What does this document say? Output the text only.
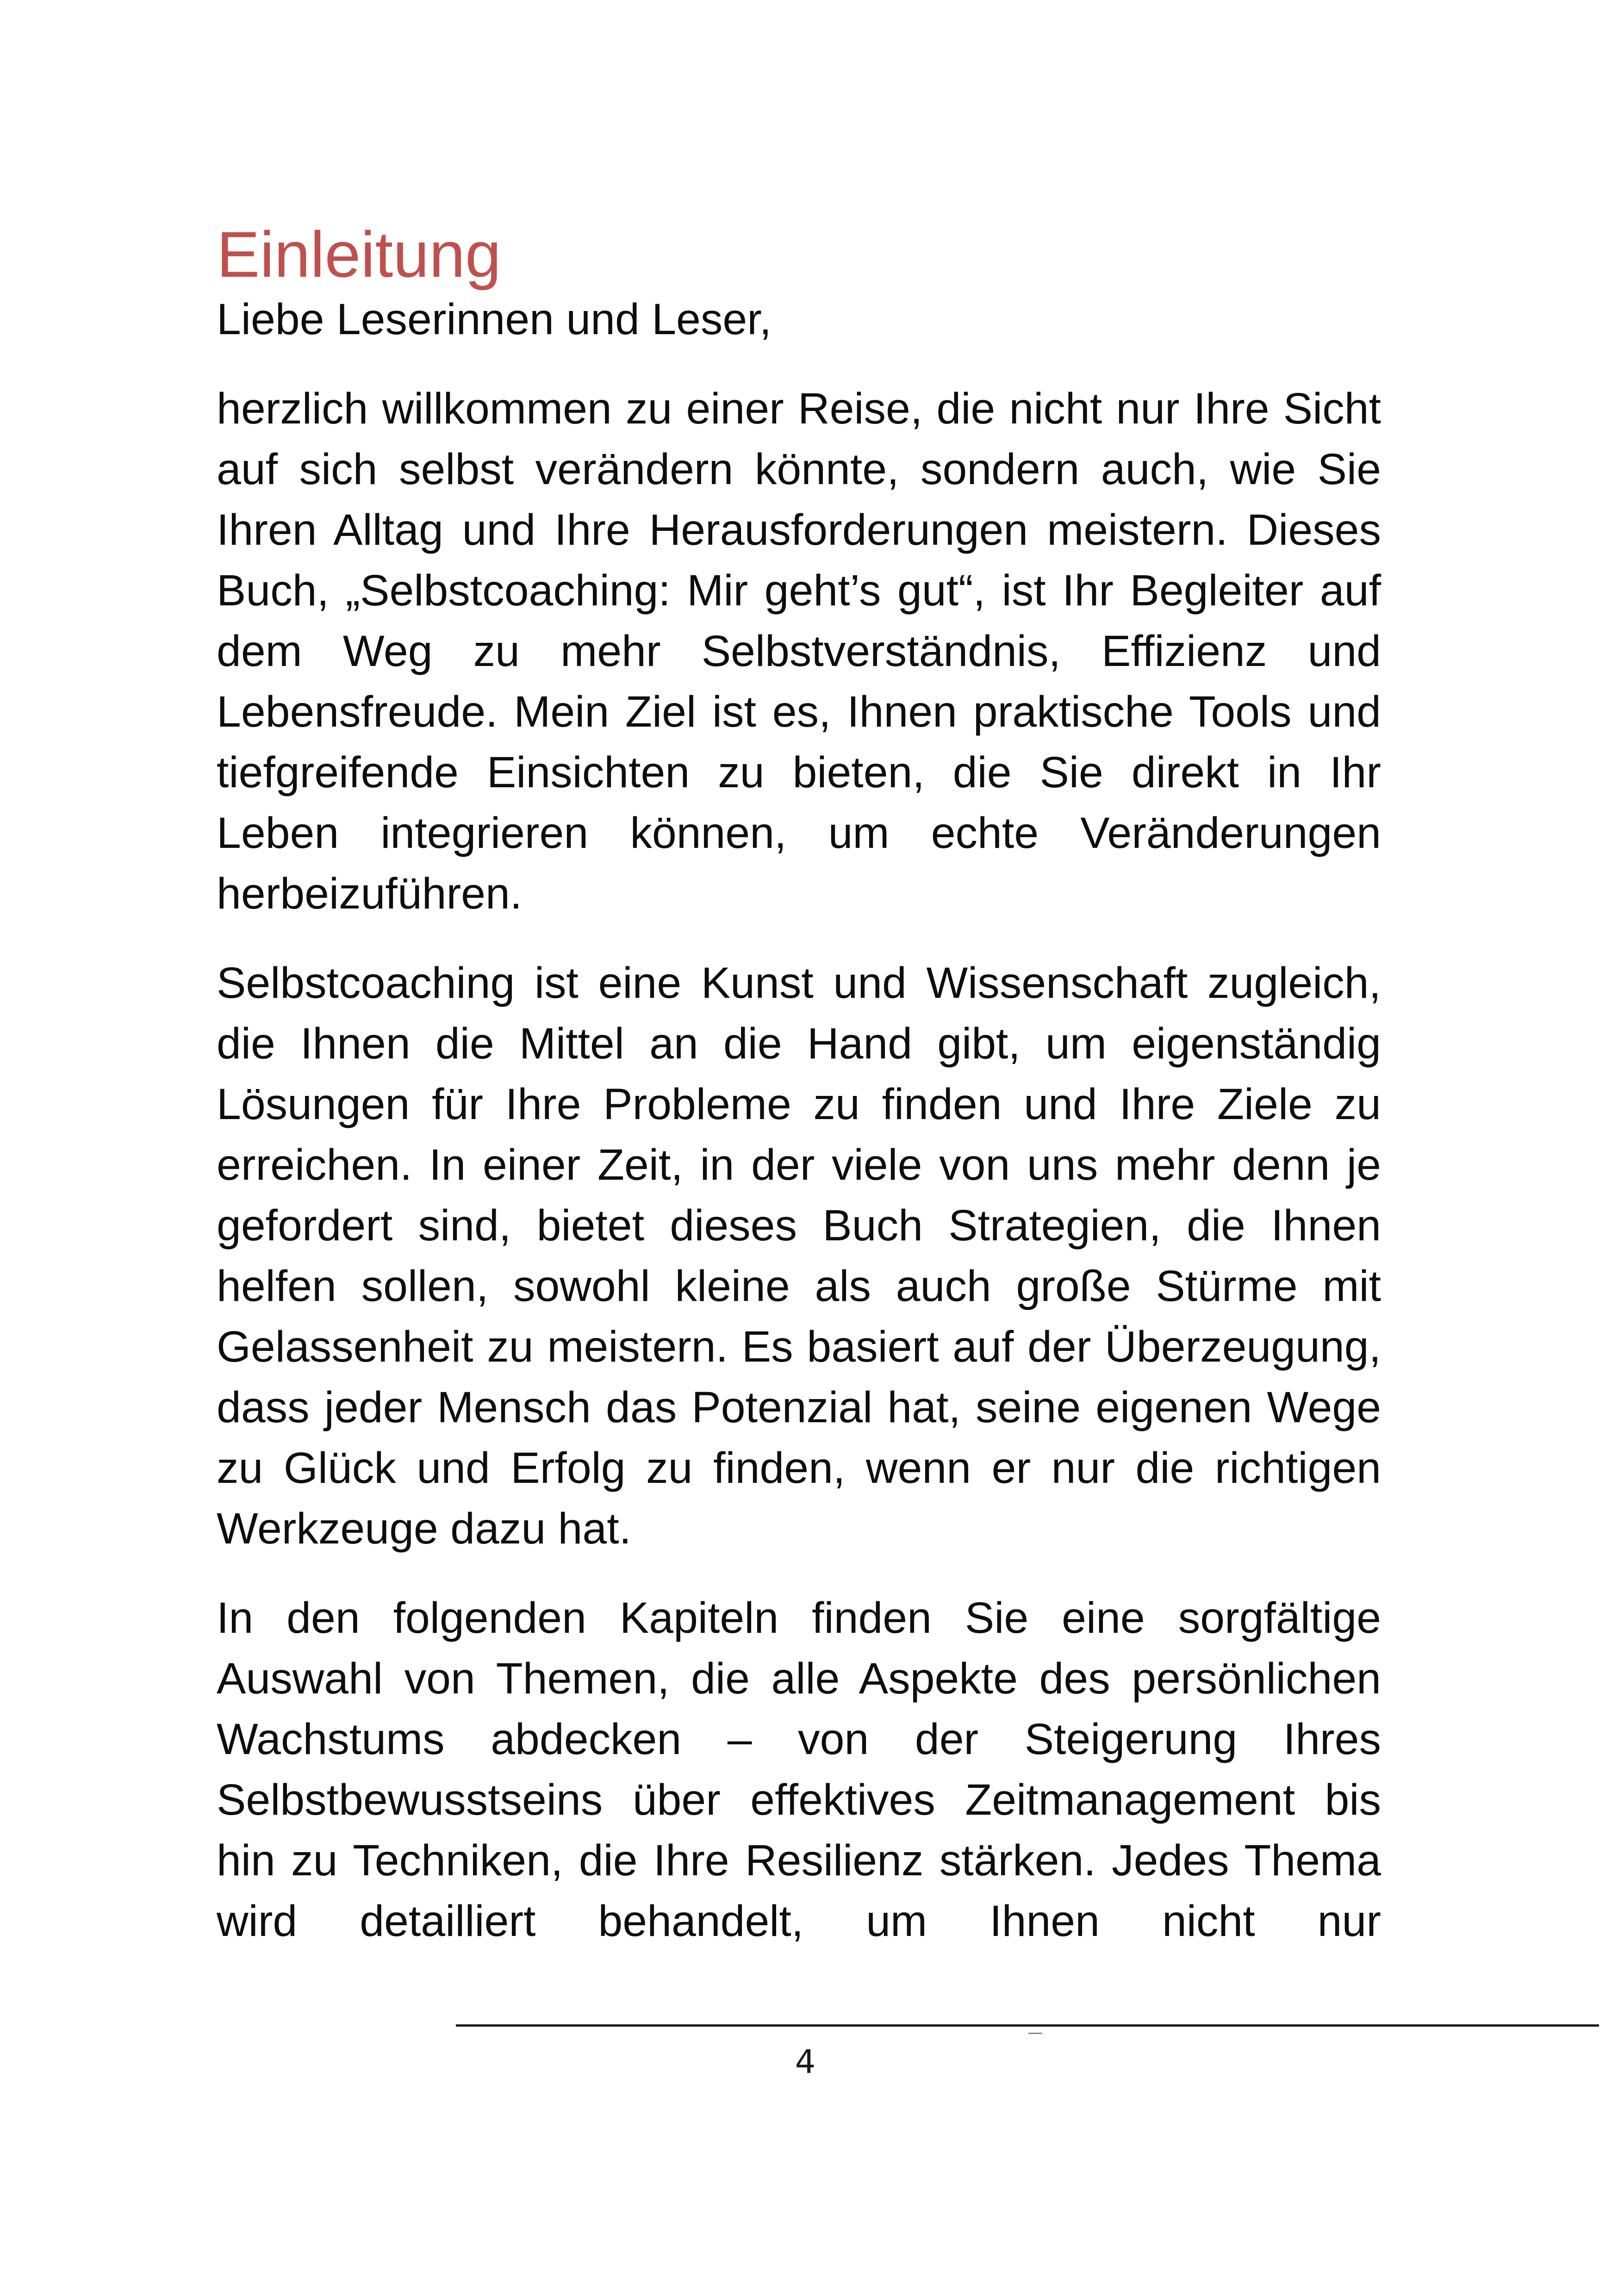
Einleitung

Liebe Leserinnen und Leser,

herzlich willkommen zu einer Reise, die nicht nur Ihre Sicht auf sich selbst verändern könnte, sondern auch, wie Sie Ihren Alltag und Ihre Herausforderungen meistern. Dieses Buch, „Selbstcoaching: Mir geht’s gut“, ist Ihr Begleiter auf dem Weg zu mehr Selbstverständnis, Effizienz und Lebensfreude. Mein Ziel ist es, Ihnen praktische Tools und tiefgreifende Einsichten zu bieten, die Sie direkt in Ihr Leben integrieren können, um echte Veränderungen herbeizuführen.

Selbstcoaching ist eine Kunst und Wissenschaft zugleich, die Ihnen die Mittel an die Hand gibt, um eigenständig Lösungen für Ihre Probleme zu finden und Ihre Ziele zu erreichen. In einer Zeit, in der viele von uns mehr denn je gefordert sind, bietet dieses Buch Strategien, die Ihnen helfen sollen, sowohl kleine als auch große Stürme mit Gelassenheit zu meistern. Es basiert auf der Überzeugung, dass jeder Mensch das Potenzial hat, seine eigenen Wege zu Glück und Erfolg zu finden, wenn er nur die richtigen Werkzeuge dazu hat.

In den folgenden Kapiteln finden Sie eine sorgfältige Auswahl von Themen, die alle Aspekte des persönlichen Wachstums abdecken – von der Steigerung Ihres Selbstbewusstseins über effektives Zeitmanagement bis hin zu Techniken, die Ihre Resilienz stärken. Jedes Thema wird detailliert behandelt, um Ihnen nicht nur

4
